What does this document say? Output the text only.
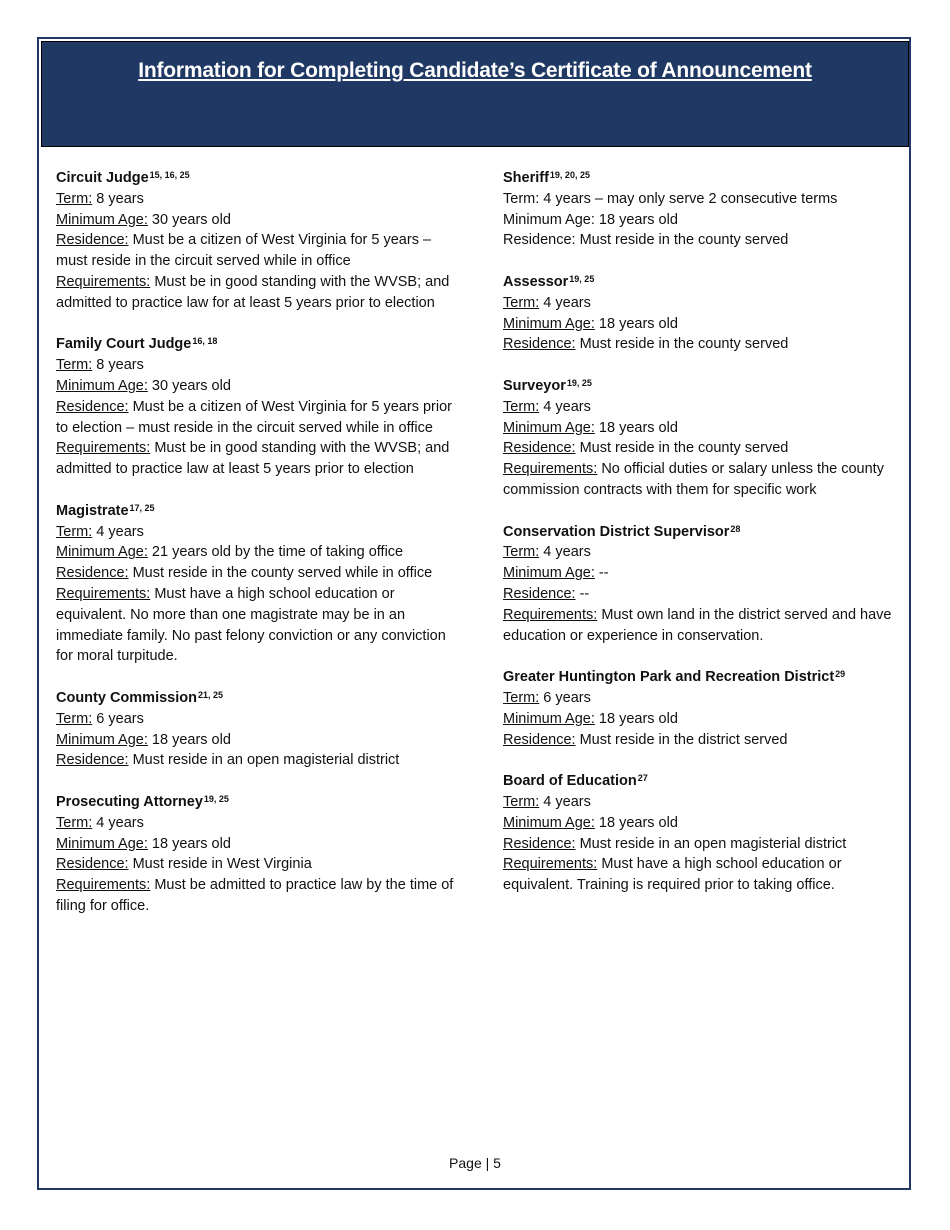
Information for Completing Candidate’s Certificate of Announcement
Circuit Judge$^{15, 16, 25}$
Term: 8 years
Minimum Age: 30 years old
Residence: Must be a citizen of West Virginia for 5 years – must reside in the circuit served while in office
Requirements: Must be in good standing with the WVSB; and admitted to practice law for at least 5 years prior to election
Family Court Judge$^{16, 18}$
Term: 8 years
Minimum Age: 30 years old
Residence: Must be a citizen of West Virginia for 5 years prior to election – must reside in the circuit served while in office
Requirements: Must be in good standing with the WVSB; and admitted to practice law at least 5 years prior to election
Magistrate$^{17, 25}$
Term: 4 years
Minimum Age: 21 years old by the time of taking office
Residence: Must reside in the county served while in office
Requirements: Must have a high school education or equivalent. No more than one magistrate may be in an immediate family. No past felony conviction or any conviction for moral turpitude.
County Commission$^{21, 25}$
Term: 6 years
Minimum Age: 18 years old
Residence: Must reside in an open magisterial district
Prosecuting Attorney$^{19, 25}$
Term: 4 years
Minimum Age: 18 years old
Residence: Must reside in West Virginia
Requirements: Must be admitted to practice law by the time of filing for office.
Sheriff$^{19, 20, 25}$
Term: 4 years – may only serve 2 consecutive terms
Minimum Age: 18 years old
Residence: Must reside in the county served
Assessor$^{19, 25}$
Term: 4 years
Minimum Age: 18 years old
Residence: Must reside in the county served
Surveyor$^{19, 25}$
Term: 4 years
Minimum Age: 18 years old
Residence: Must reside in the county served
Requirements: No official duties or salary unless the county commission contracts with them for specific work
Conservation District Supervisor$^{28}$
Term: 4 years
Minimum Age: --
Residence: --
Requirements: Must own land in the district served and have education or experience in conservation.
Greater Huntington Park and Recreation District$^{29}$
Term: 6 years
Minimum Age: 18 years old
Residence: Must reside in the district served
Board of Education$^{27}$
Term: 4 years
Minimum Age: 18 years old
Residence: Must reside in an open magisterial district
Requirements: Must have a high school education or equivalent. Training is required prior to taking office.
Page | 5
